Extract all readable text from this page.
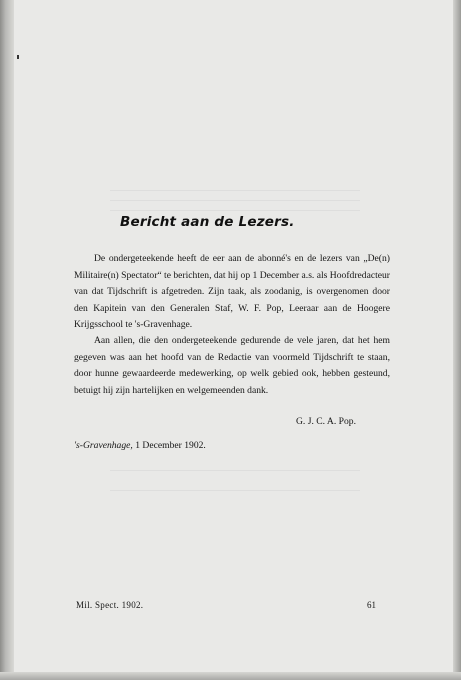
Bericht aan de Lezers.

De ondergeteekende heeft de eer aan de abonné's en de lezers van „De(n) Militaire(n) Spectator“ te berichten, dat hij op 1 December a.s. als Hoofdredacteur van dat Tijdschrift is afgetreden. Zijn taak, als zoodanig, is overgenomen door den Kapitein van den Generalen Staf, W. F. Pop, Leeraar aan de Hoogere Krijgsschool te 's-Gravenhage.

Aan allen, die den ondergeteekende gedurende de vele jaren, dat het hem gegeven was aan het hoofd van de Redactie van voormeld Tijdschrift te staan, door hunne gewaardeerde medewerking, op welk gebied ook, hebben gesteund, betuigt hij zijn hartelijken en welgemeenden dank.

G. J. C. A. Pop.
's-Gravenhage, 1 December 1902.
Mil. Spect. 1902.	61
